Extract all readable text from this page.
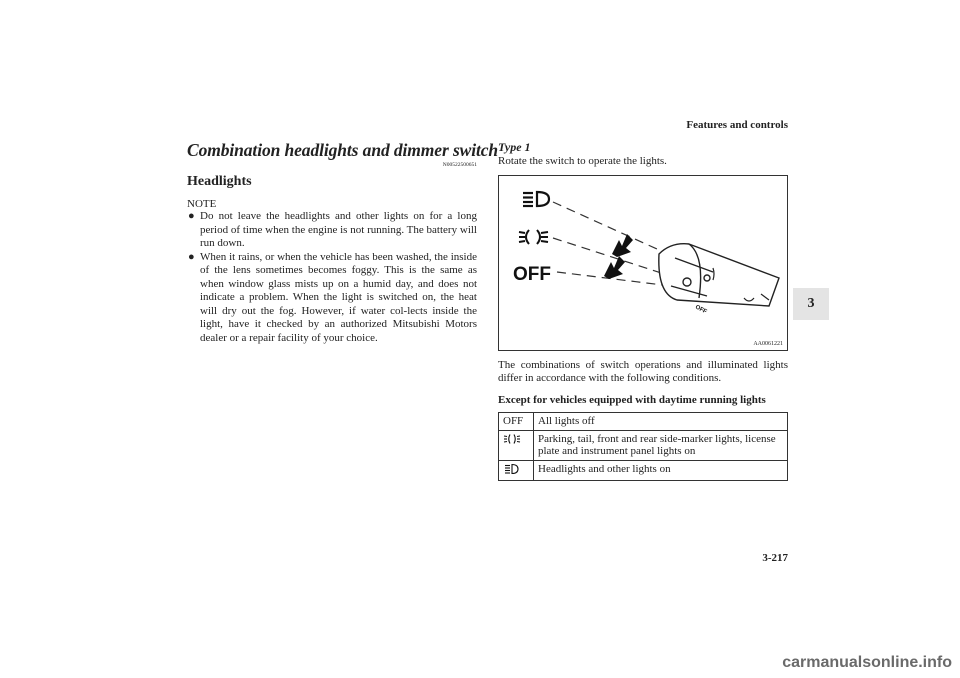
Features and controls
3
Combination headlights and dimmer switch
N00522500651
Headlights
NOTE
● Do not leave the headlights and other lights on for a long period of time when the engine is not running. The battery will run down.
● When it rains, or when the vehicle has been washed, the inside of the lens sometimes becomes foggy. This is the same as when window glass mists up on a humid day, and does not indicate a problem. When the light is switched on, the heat will dry out the fog. However, if water col-lects inside the light, have it checked by an authorized Mitsubishi Motors dealer or a repair facility of your choice.
Type 1
Rotate the switch to operate the lights.
OFF
OFF
AA0061221
The combinations of switch operations and illuminated lights differ in accordance with the following conditions.
Except for vehicles equipped with daytime running lights
OFF	All lights off
	Parking, tail, front and rear side-marker lights, license plate and instrument panel lights on
	Headlights and other lights on
3-217
carmanualsonline.info
